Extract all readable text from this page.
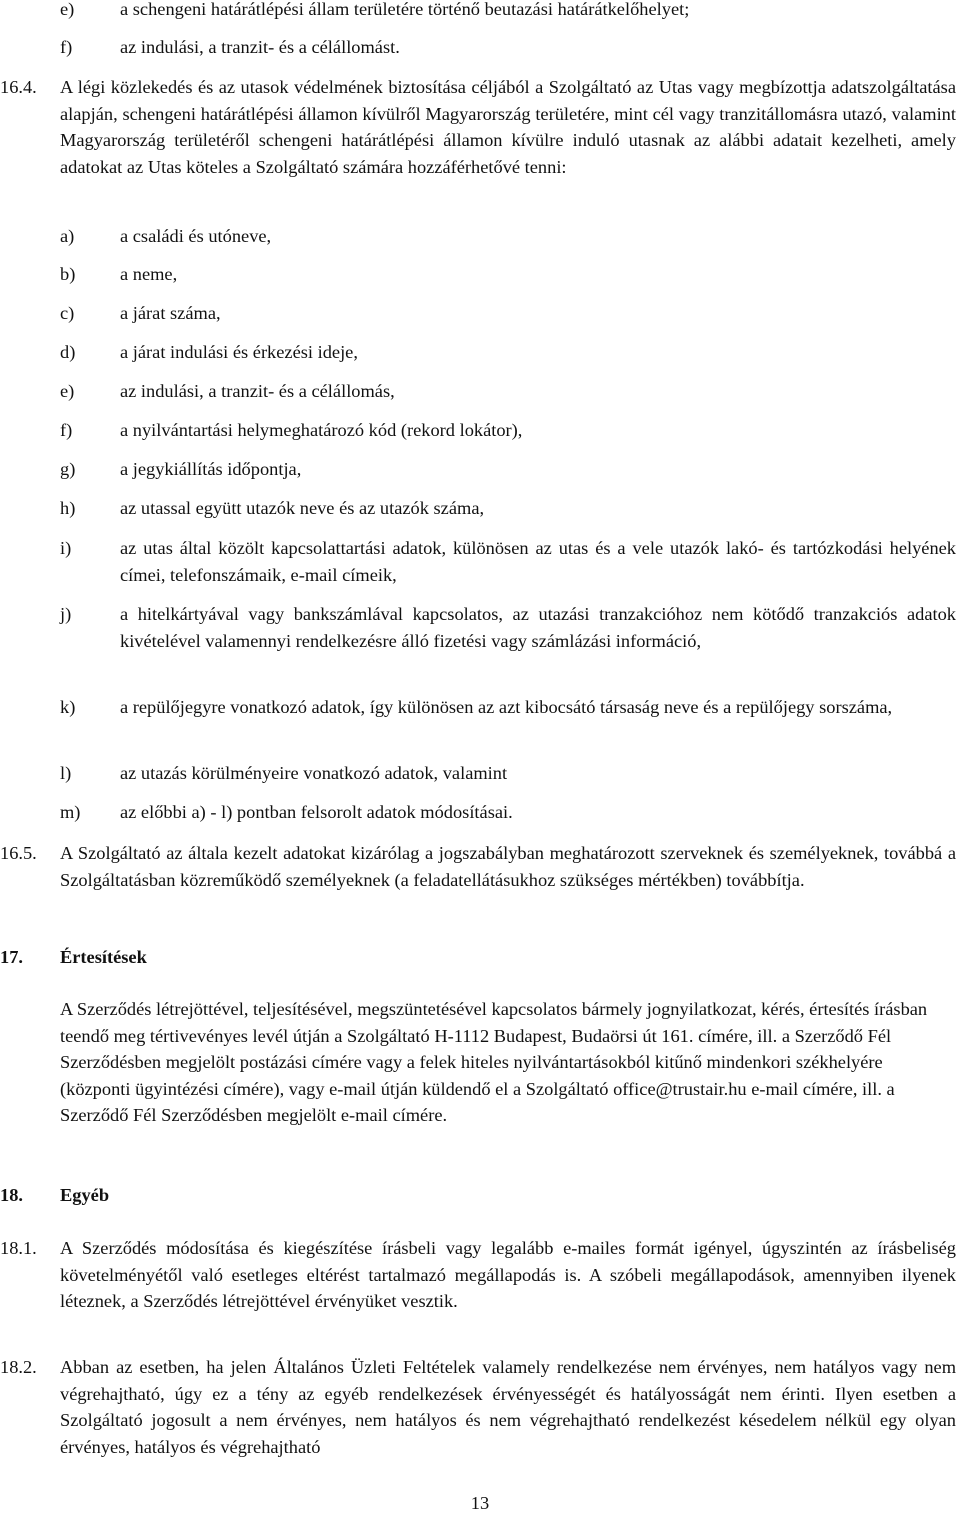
e) a schengeni határátlépési állam területére történő beutazási határátkelőhelyet;
f)	az indulási, a tranzit- és a célállomást.
16.4. A légi közlekedés és az utasok védelmének biztosítása céljából a Szolgáltató az Utas vagy megbízottja adatszolgáltatása alapján, schengeni határátlépési államon kívülről Magyarország területére, mint cél vagy tranzitállomásra utazó, valamint Magyarország területéről schengeni határátlépési államon kívülre induló utasnak az alábbi adatait kezelheti, amely adatokat az Utas köteles a Szolgáltató számára hozzáférhetővé tenni:
a) a családi és utóneve,
b) a neme,
c) a járat száma,
d) a járat indulási és érkezési ideje,
e) az indulási, a tranzit- és a célállomás,
f)	a nyilvántartási helymeghatározó kód (rekord lokátor),
g) a jegykiállítás időpontja,
h) az utassal együtt utazók neve és az utazók száma,
i)	az utas által közölt kapcsolattartási adatok, különösen az utas és a vele utazók lakó- és tartózkodási helyének címei, telefonszámaik, e-mail címeik,
j)	a hitelkártyával vagy bankszámlával kapcsolatos, az utazási tranzakcióhoz nem kötődő tranzakciós adatok kivételével valamennyi rendelkezésre álló fizetési vagy számlázási információ,
k) a repülőjegyre vonatkozó adatok, így különösen az azt kibocsátó társaság neve és a repülőjegy sorszáma,
l)	az utazás körülményeire vonatkozó adatok, valamint
m) az előbbi a) - l) pontban felsorolt adatok módosításai.
16.5. A Szolgáltató az általa kezelt adatokat kizárólag a jogszabályban meghatározott szerveknek és személyeknek, továbbá a Szolgáltatásban közreműködő személyeknek (a feladatellátásukhoz szükséges mértékben) továbbítja.
17. Értesítések
A Szerződés létrejöttével, teljesítésével, megszüntetésével kapcsolatos bármely jognyilatkozat, kérés, értesítés írásban teendő meg tértivevényes levél útján a Szolgáltató H-1112 Budapest, Budaörsi út 161. címére, ill. a Szerződő Fél Szerződésben megjelölt postázási címére vagy a felek hiteles nyilvántartásokból kitűnő mindenkori székhelyére (központi ügyintézési címére), vagy e-mail útján küldendő el a Szolgáltató office@trustair.hu e-mail címére, ill. a Szerződő Fél Szerződésben megjelölt e-mail címére.
18. Egyéb
18.1. A Szerződés módosítása és kiegészítése írásbeli vagy legalább e-mailes formát igényel, úgyszintén az írásbeliség követelményétől való esetleges eltérést tartalmazó megállapodás is. A szóbeli megállapodások, amennyiben ilyenek léteznek, a Szerződés létrejöttével érvényüket vesztik.
18.2. Abban az esetben, ha jelen Általános Üzleti Feltételek valamely rendelkezése nem érvényes, nem hatályos vagy nem végrehajtható, úgy ez a tény az egyéb rendelkezések érvényességét és hatályosságát nem érinti. Ilyen esetben a Szolgáltató jogosult a nem érvényes, nem hatályos és nem végrehajtható rendelkezést késedelem nélkül egy olyan érvényes, hatályos és végrehajtható
13
